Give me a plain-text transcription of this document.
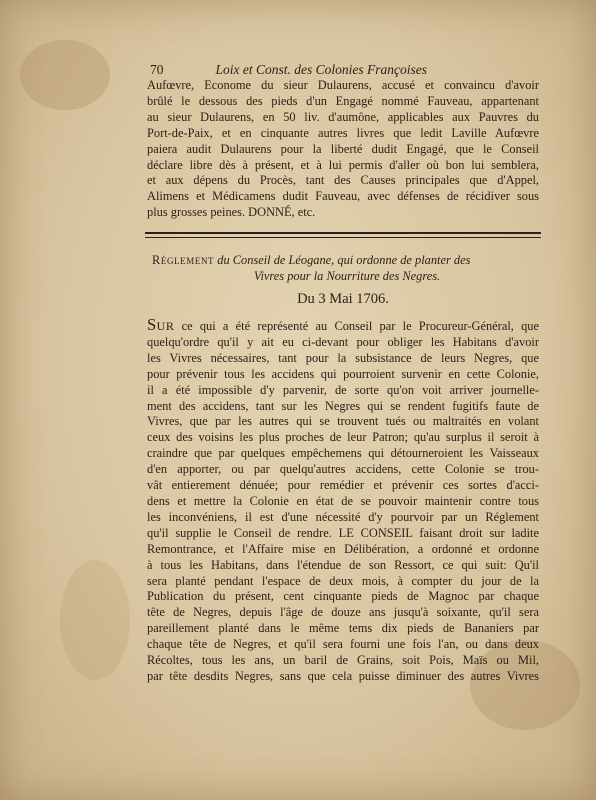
70	Loix et Const. des Colonies Françoises
Aufœvre, Econome du sieur Dulaurens, accusé et convaincu d'avoir
brûlé le dessous des pieds d'un Engagé nommé Fauveau, appartenant
au sieur Dulaurens, en 50 liv. d'aumône, applicables aux Pauvres du
Port-de-Paix, et en cinquante autres livres que ledit Laville Aufœvre
paiera audit Dulaurens pour la liberté dudit Engagé, que le Conseil
déclare libre dès à présent, et à lui permis d'aller où bon lui semblera,
et aux dépens du Procès, tant des Causes principales que d'Appel,
Alimens et Médicamens dudit Fauveau, avec défenses de récidiver sous
plus grosses peines. DONNÉ, etc.
Réglement du Conseil de Léogane, qui ordonne de planter des
Vivres pour la Nourriture des Negres.
Du 3 Mai 1706.
Sur ce qui a été représenté au Conseil par le Procureur-Général, que
quelqu'ordre qu'il y ait eu ci-devant pour obliger les Habitans d'avoir
les Vivres nécessaires, tant pour la subsistance de leurs Negres, que
pour prévenir tous les accidens qui pourroient survenir en cette Colonie,
il a été impossible d'y parvenir, de sorte qu'on voit arriver journelle-
ment des accidens, tant sur les Negres qui se rendent fugitifs faute de
Vivres, que par les autres qui se trouvent tués ou maltraités en volant
ceux des voisins les plus proches de leur Patron; qu'au surplus il seroit à
craindre que par quelques empêchemens qui détourneroient les Vaisseaux
d'en apporter, ou par quelqu'autres accidens, cette Colonie se trou-
vât entierement dénuée; pour remédier et prévenir ces sortes d'acci-
dens et mettre la Colonie en état de se pouvoir maintenir contre tous
les inconvéniens, il est d'une nécessité d'y pourvoir par un Réglement
qu'il supplie le Conseil de rendre. LE CONSEIL faisant droit sur ladite
Remontrance, et l'Affaire mise en Délibération, a ordonné et ordonne
à tous les Habitans, dans l'étendue de son Ressort, ce qui suit: Qu'il
sera planté pendant l'espace de deux mois, à compter du jour de la
Publication du présent, cent cinquante pieds de Magnoc par chaque
tête de Negres, depuis l'âge de douze ans jusqu'à soixante, qu'il sera
pareillement planté dans le même tems dix pieds de Bananiers par
chaque tête de Negres, et qu'il sera fourni une fois l'an, ou dans deux
Récoltes, tous les ans, un baril de Grains, soit Pois, Maïs ou Mil,
par tête desdits Negres, sans que cela puisse diminuer des autres Vivres
